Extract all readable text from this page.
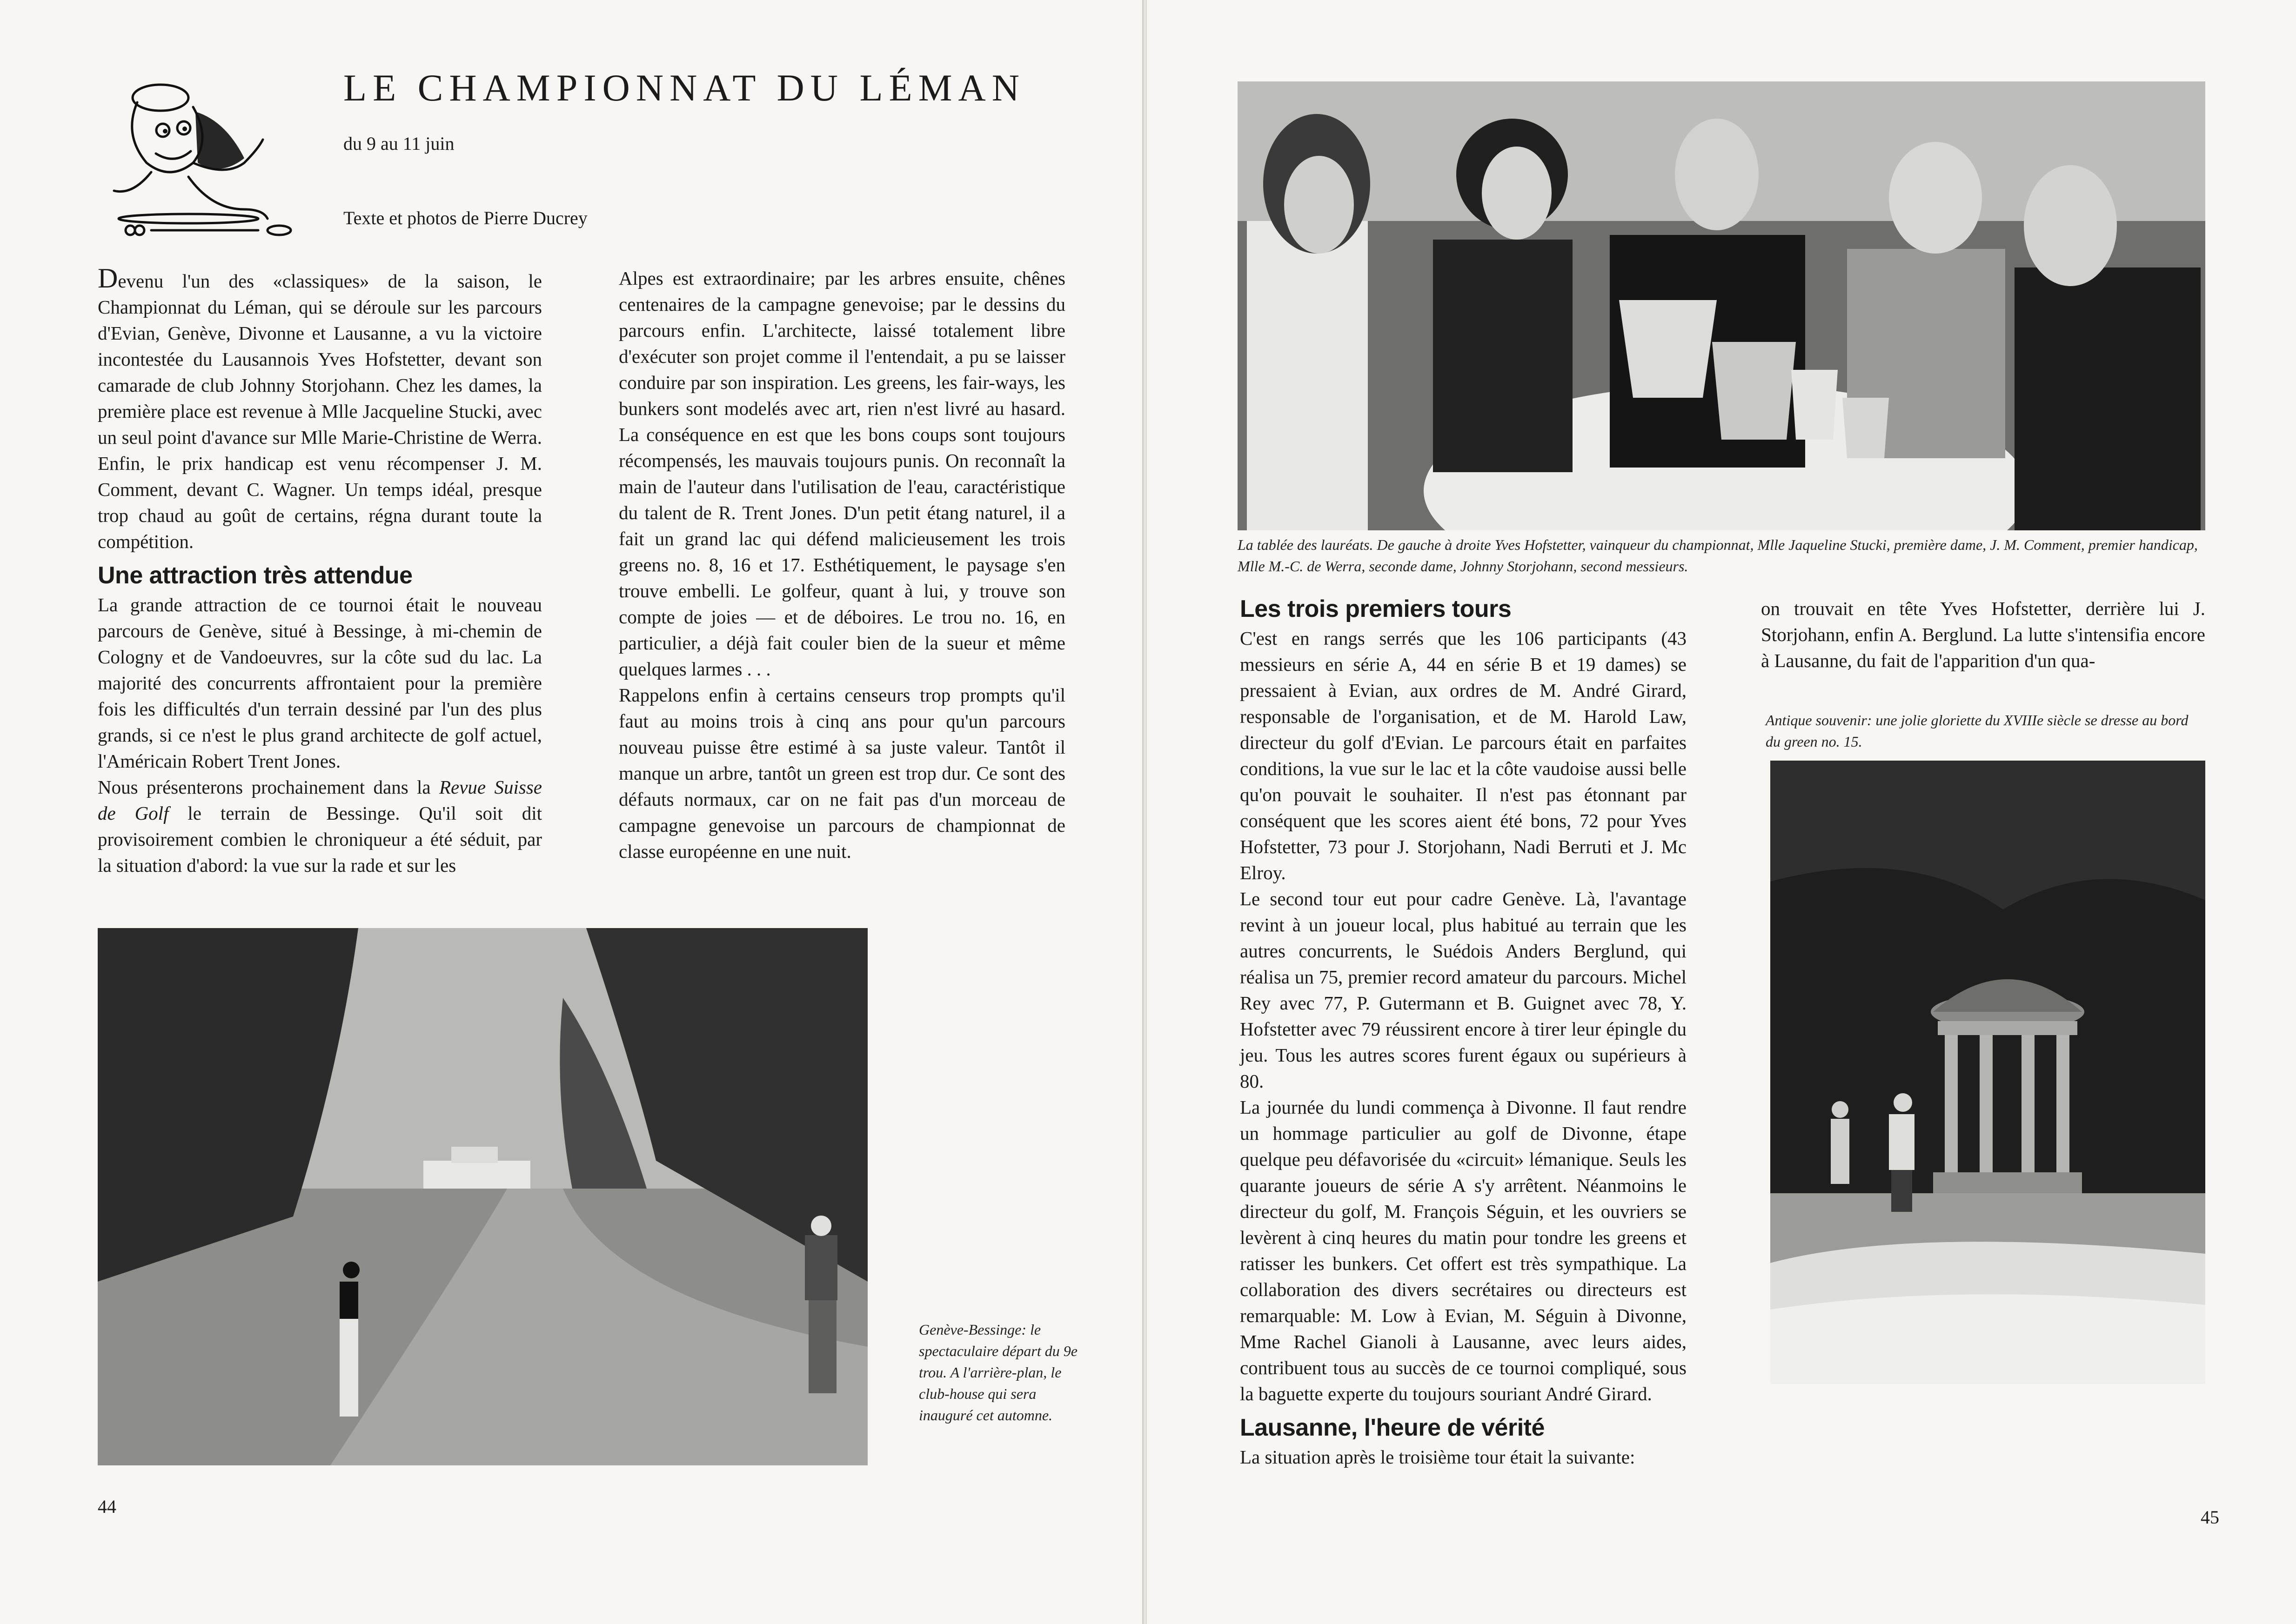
LE CHAMPIONNAT DU LÉMAN
du 9 au 11 juin
Texte et photos de Pierre Ducrey

Devenu l'un des «classiques» de la saison, le Championnat du Léman, qui se déroule sur les parcours d'Evian, Genève, Divonne et Lausanne, a vu la victoire incontestée du Lausannois Yves Hofstetter, devant son camarade de club Johnny Storjohann. Chez les dames, la première place est revenue à Mlle Jacqueline Stucki, avec un seul point d'avance sur Mlle Marie-Christine de Werra. Enfin, le prix handicap est venu récompenser J. M. Comment, devant C. Wagner. Un temps idéal, presque trop chaud au goût de certains, régna durant toute la compétition.

Une attraction très attendue

La grande attraction de ce tournoi était le nouveau parcours de Genève, situé à Bessinge, à mi-chemin de Cologny et de Vandoeuvres, sur la côte sud du lac. La majorité des concurrents affrontaient pour la première fois les difficultés d'un terrain dessiné par l'un des plus grands, si ce n'est le plus grand architecte de golf actuel, l'Américain Robert Trent Jones.

Nous présenterons prochainement dans la Revue Suisse de Golf le terrain de Bessinge. Qu'il soit dit provisoirement combien le chroniqueur a été séduit, par la situation d'abord: la vue sur la rade et sur les

Alpes est extraordinaire; par les arbres ensuite, chênes centenaires de la campagne genevoise; par le dessins du parcours enfin. L'architecte, laissé totalement libre d'exécuter son projet comme il l'entendait, a pu se laisser conduire par son inspiration. Les greens, les fair-ways, les bunkers sont modelés avec art, rien n'est livré au hasard. La conséquence en est que les bons coups sont toujours récompensés, les mauvais toujours punis. On reconnaît la main de l'auteur dans l'utilisation de l'eau, caractéristique du talent de R. Trent Jones. D'un petit étang naturel, il a fait un grand lac qui défend malicieusement les trois greens no. 8, 16 et 17. Esthétiquement, le paysage s'en trouve embelli. Le golfeur, quant à lui, y trouve son compte de joies — et de déboires. Le trou no. 16, en particulier, a déjà fait couler bien de la sueur et même quelques larmes . . .

Rappelons enfin à certains censeurs trop prompts qu'il faut au moins trois à cinq ans pour qu'un parcours nouveau puisse être estimé à sa juste valeur. Tantôt il manque un arbre, tantôt un green est trop dur. Ce sont des défauts normaux, car on ne fait pas d'un morceau de campagne genevoise un parcours de championnat de classe européenne en une nuit.

Genève-Bessinge: le spectaculaire départ du 9e trou. A l'arrière-plan, le club-house qui sera inauguré cet automne.
44
La tablée des lauréats. De gauche à droite Yves Hofstetter, vainqueur du championnat, Mlle Jaqueline Stucki, première dame, J. M. Comment, premier handicap, Mlle M.-C. de Werra, seconde dame, Johnny Storjohann, second messieurs.
Les trois premiers tours

C'est en rangs serrés que les 106 participants (43 messieurs en série A, 44 en série B et 19 dames) se pressaient à Evian, aux ordres de M. André Girard, responsable de l'organisation, et de M. Harold Law, directeur du golf d'Evian. Le parcours était en parfaites conditions, la vue sur le lac et la côte vaudoise aussi belle qu'on pouvait le souhaiter. Il n'est pas étonnant par conséquent que les scores aient été bons, 72 pour Yves Hofstetter, 73 pour J. Storjohann, Nadi Berruti et J. Mc Elroy.

Le second tour eut pour cadre Genève. Là, l'avantage revint à un joueur local, plus habitué au terrain que les autres concurrents, le Suédois Anders Berglund, qui réalisa un 75, premier record amateur du parcours. Michel Rey avec 77, P. Gutermann et B. Guignet avec 78, Y. Hofstetter avec 79 réussirent encore à tirer leur épingle du jeu. Tous les autres scores furent égaux ou supérieurs à 80.

La journée du lundi commença à Divonne. Il faut rendre un hommage particulier au golf de Divonne, étape quelque peu défavorisée du «circuit» lémanique. Seuls les quarante joueurs de série A s'y arrêtent. Néanmoins le directeur du golf, M. François Séguin, et les ouvriers se levèrent à cinq heures du matin pour tondre les greens et ratisser les bunkers. Cet offert est très sympathique. La collaboration des divers secrétaires ou directeurs est remarquable: M. Low à Evian, M. Séguin à Divonne, Mme Rachel Gianoli à Lausanne, avec leurs aides, contribuent tous au succès de ce tournoi compliqué, sous la baguette experte du toujours souriant André Girard.

Lausanne, l'heure de vérité

La situation après le troisième tour était la suivante:

on trouvait en tête Yves Hofstetter, derrière lui J. Storjohann, enfin A. Berglund. La lutte s'intensifia encore à Lausanne, du fait de l'apparition d'un qua-

Antique souvenir: une jolie gloriette du XVIIIe siècle se dresse au bord du green no. 15.
45
